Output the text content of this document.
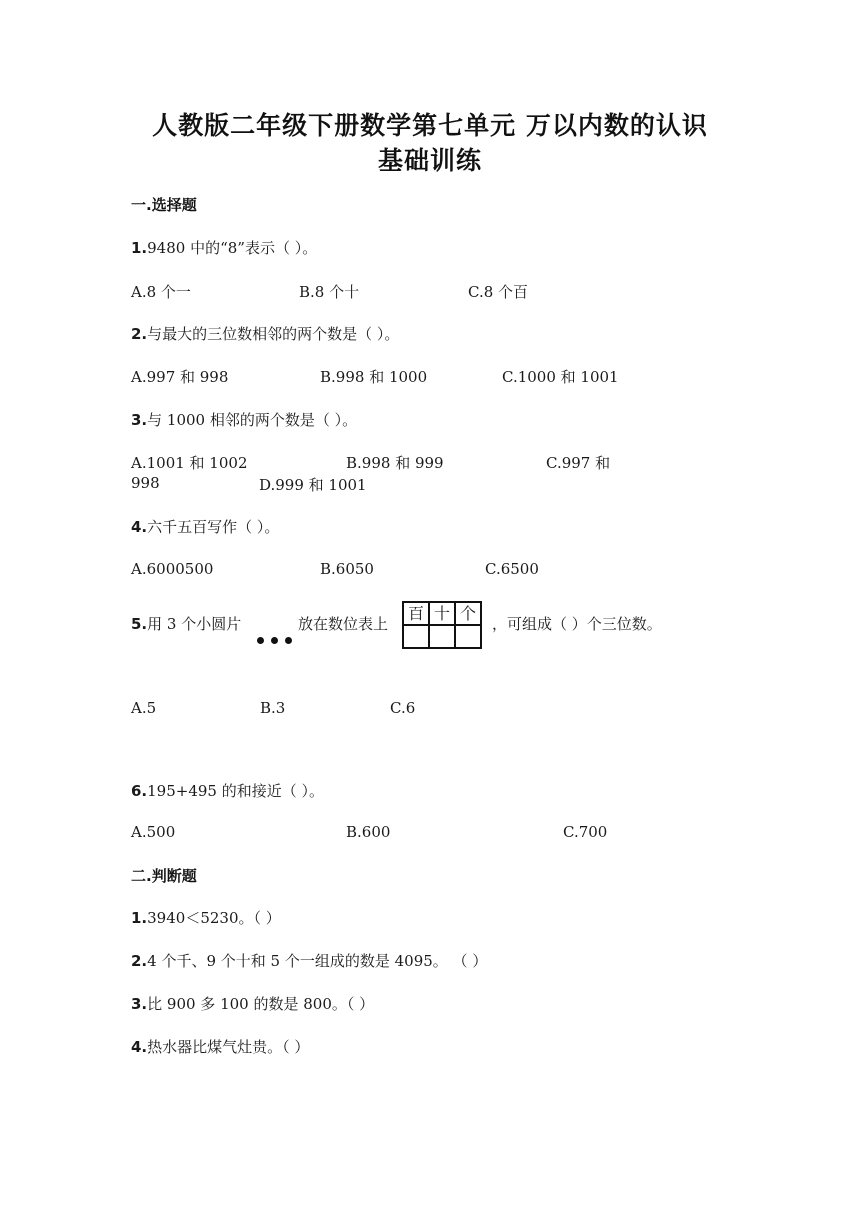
人教版二年级下册数学第七单元 万以内数的认识
基础训练
一.选择题
1.9480 中的“8”表示（ ）。
A.8 个一	B.8 个十	C.8 个百
2.与最大的三位数相邻的两个数是（ ）。
A.997 和 998	B.998 和 1000	C.1000 和 1001
3.与 1000 相邻的两个数是（ ）。
A.1001 和 1002	B.998 和 999	C.997 和
998	D.999 和 1001
4.六千五百写作（ ）。
A.6000500	B.6050	C.6500
5.用 3 个小圆片	放在数位表上
百	十	个

，可组成（ ）个三位数。
A.5	B.3	C.6
6.195+495 的和接近（ ）。
A.500	B.600	C.700
二.判断题
1.3940＜5230。（ ）
2.4 个千、9 个十和 5 个一组成的数是 4095。 （ ）
3.比 900 多 100 的数是 800。（ ）
4.热水器比煤气灶贵。（ ）
